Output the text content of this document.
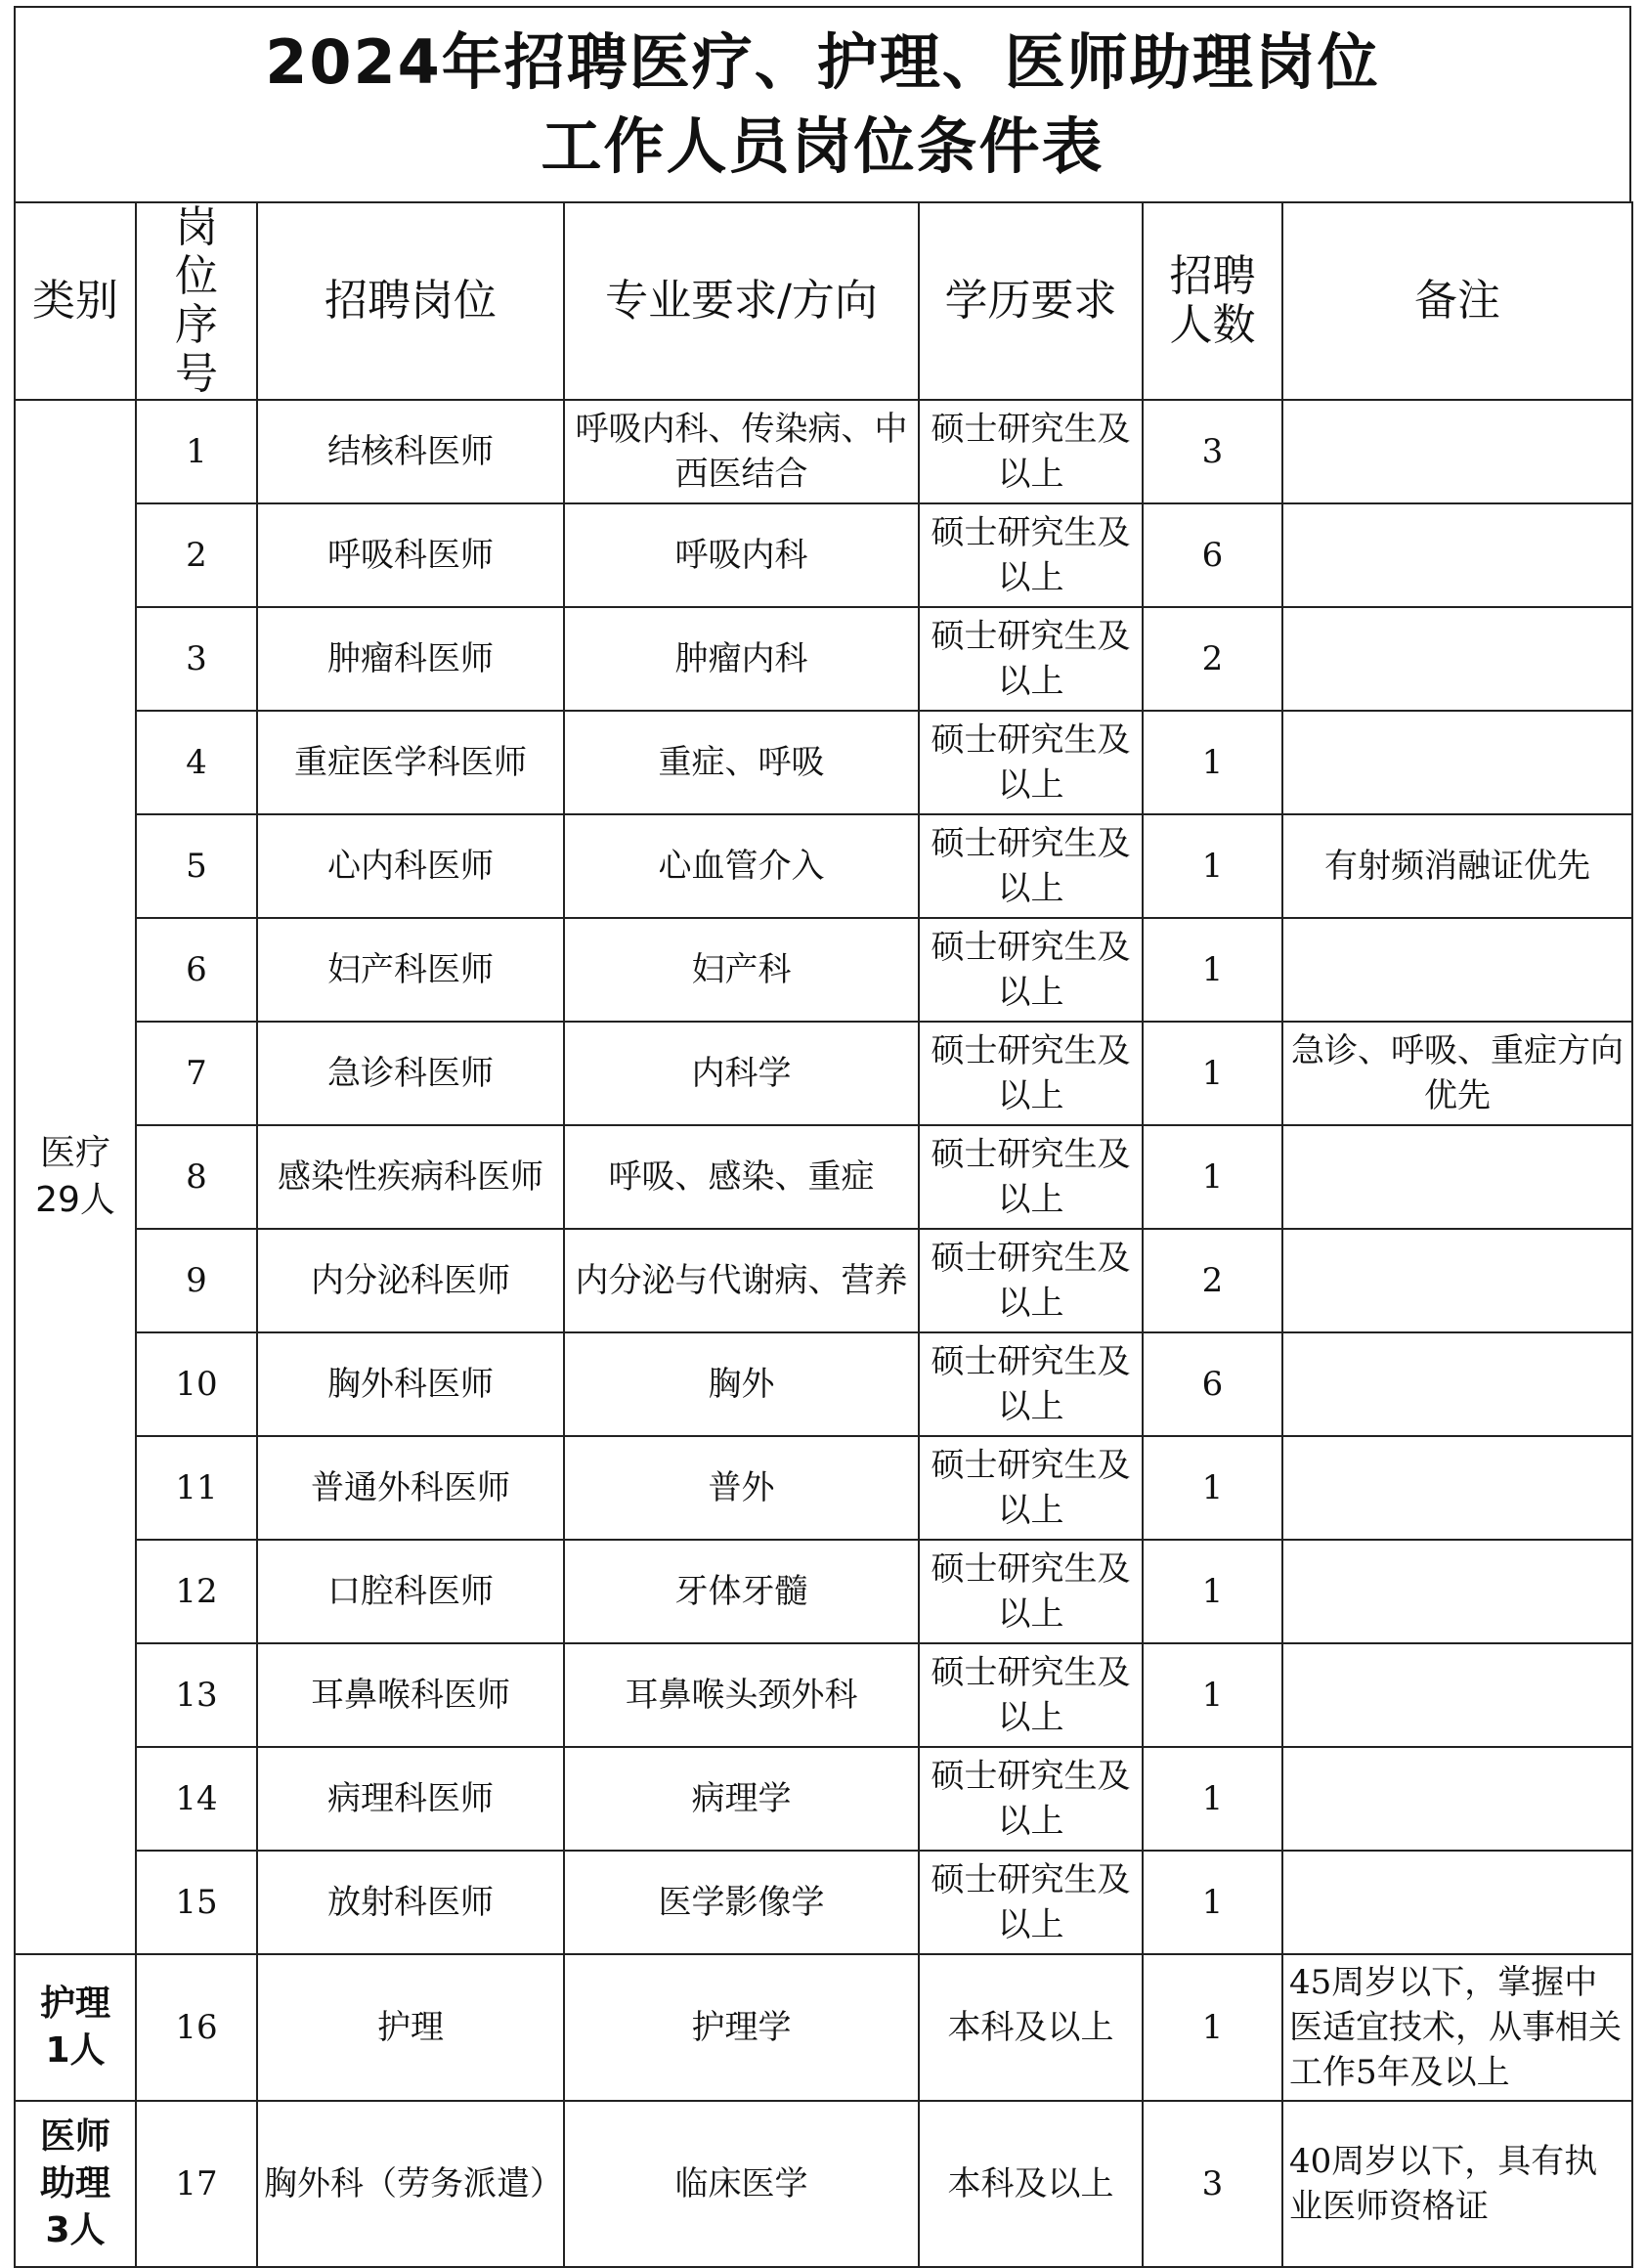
2024年招聘医疗、护理、医师助理岗位
工作人员岗位条件表
类别	岗位序号	招聘岗位	专业要求/方向	学历要求	招聘人数	备注
医疗29人	1	结核科医师	呼吸内科、传染病、中西医结合	硕士研究生及以上	3	
	2	呼吸科医师	呼吸内科	硕士研究生及以上	6	
	3	肿瘤科医师	肿瘤内科	硕士研究生及以上	2	
	4	重症医学科医师	重症、呼吸	硕士研究生及以上	1	
	5	心内科医师	心血管介入	硕士研究生及以上	1	有射频消融证优先
	6	妇产科医师	妇产科	硕士研究生及以上	1	
	7	急诊科医师	内科学	硕士研究生及以上	1	急诊、呼吸、重症方向优先
	8	感染性疾病科医师	呼吸、感染、重症	硕士研究生及以上	1	
	9	内分泌科医师	内分泌与代谢病、营养	硕士研究生及以上	2	
	10	胸外科医师	胸外	硕士研究生及以上	6	
	11	普通外科医师	普外	硕士研究生及以上	1	
	12	口腔科医师	牙体牙髓	硕士研究生及以上	1	
	13	耳鼻喉科医师	耳鼻喉头颈外科	硕士研究生及以上	1	
	14	病理科医师	病理学	硕士研究生及以上	1	
	15	放射科医师	医学影像学	硕士研究生及以上	1	
护理1人	16	护理	护理学	本科及以上	1	45周岁以下，掌握中医适宜技术，从事相关工作5年及以上
医师助理3人	17	胸外科（劳务派遣）	临床医学	本科及以上	3	40周岁以下，具有执业医师资格证
